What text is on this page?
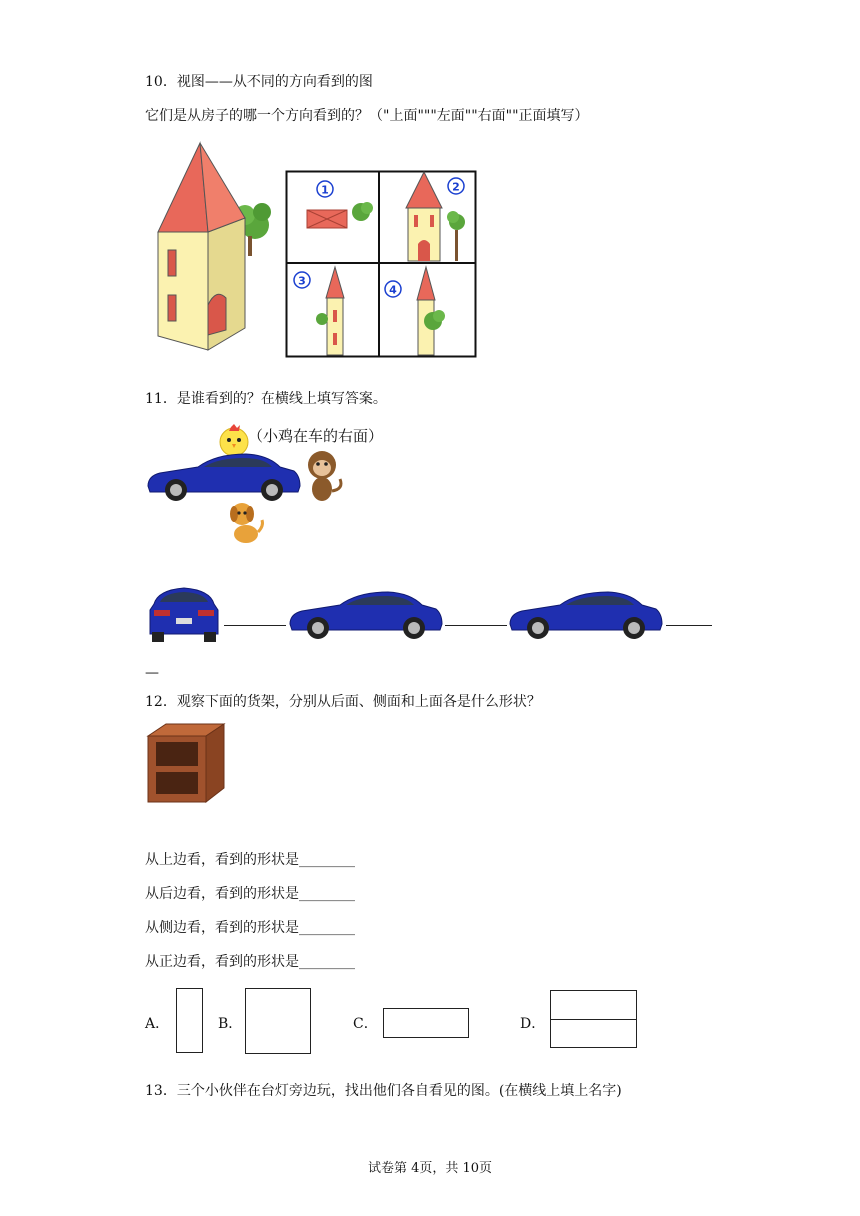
10．视图——从不同的方向看到的图
它们是从房子的哪一个方向看到的？（"上面"""左面""右面""正面填写）
1	2
3
4
11．是谁看到的？在横线上填写答案。
（小鸡在车的右面）
—
12．观察下面的货架，分别从后面、侧面和上面各是什么形状？
从上边看，看到的形状是________
从后边看，看到的形状是________
从侧边看，看到的形状是________
从正边看，看到的形状是________
A．	B．	C．	D．
13．三个小伙伴在台灯旁边玩，找出他们各自看见的图。(在横线上填上名字)
试卷第 4页，共 10页
